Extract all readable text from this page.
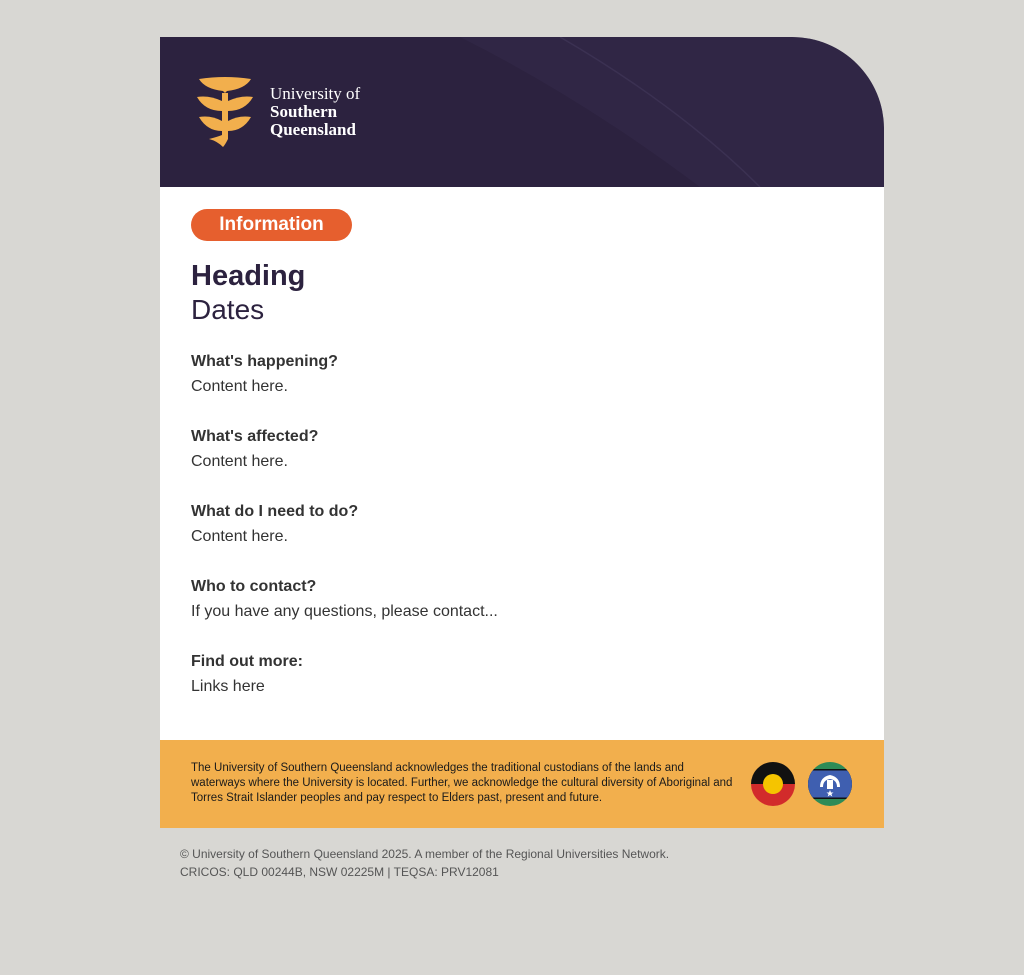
University of
Southern
Queensland
Information
Heading
Dates
What's happening?
Content here.
What's affected?
Content here.
What do I need to do?
Content here.
Who to contact?
If you have any questions, please contact...
Find out more:
Links here
The University of Southern Queensland acknowledges the traditional custodians of the lands and waterways where the University is located. Further, we acknowledge the cultural diversity of Aboriginal and Torres Strait Islander peoples and pay respect to Elders past, present and future.
© University of Southern Queensland 2025. A member of the Regional Universities Network.
CRICOS: QLD 00244B, NSW 02225M | TEQSA: PRV12081
